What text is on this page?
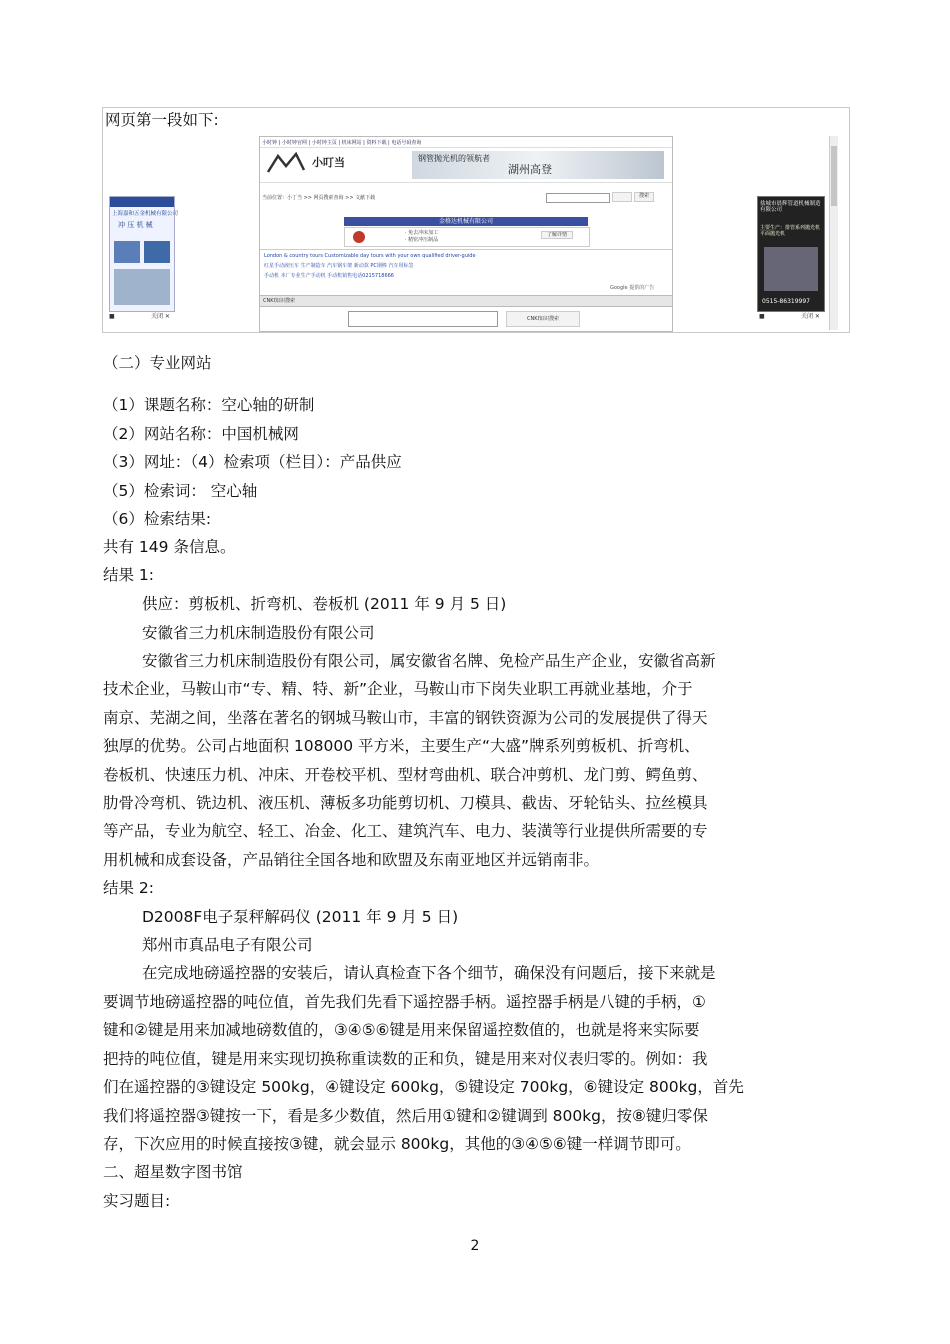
网页第一段如下:
小时钟 | 小时钟官网 | 小时钟主页 | 机床网站 | 资料下载 | 电话号码查询
小叮当	钢管抛光机的领航者
湖州高登
当前位置：小丁当 >> 网页搜索查询 >> 文献下载	搜索
金格达机械有限公司
· 免去冲床加工
· 精密冲压制品
了解详情
London & country tours Customizable day tours with your own qualified driver-guide
红星手动液压车 生产制造车 汽车钢车架 新动款 PC钢棒 汽车用标签
手动机 本厂专业生产手动机 手动机销售电话0215718666
Google 提供的广告
CNKI知识搜索
CNKI知识搜索
上海嘉和五金机械有限公司
冲 压 机 械
■	关闭 ✕
盐城市晨辉管道机械制造有限公司
主要生产：排管系列抛光机 平面抛光机
0515-86319997
■	关闭 ✕
（二）专业网站
（1）课题名称：空心轴的研制
（2）网站名称：中国机械网
（3）网址：（4）检索项（栏目）：产品供应
（5）检索词： 空心轴
（6）检索结果:
共有 149 条信息。
结果 1:
供应：剪板机、折弯机、卷板机 (2011 年 9 月 5 日)
安徽省三力机床制造股份有限公司
安徽省三力机床制造股份有限公司，属安徽省名牌、免检产品生产企业，安徽省高新
技术企业，马鞍山市“专、精、特、新”企业，马鞍山市下岗失业职工再就业基地，介于
南京、芜湖之间，坐落在著名的钢城马鞍山市，丰富的钢铁资源为公司的发展提供了得天
独厚的优势。公司占地面积 108000 平方米，主要生产“大盛”牌系列剪板机、折弯机、
卷板机、快速压力机、冲床、开卷校平机、型材弯曲机、联合冲剪机、龙门剪、鳄鱼剪、
肋骨冷弯机、铣边机、液压机、薄板多功能剪切机、刀模具、截齿、牙轮钻头、拉丝模具
等产品，专业为航空、轻工、冶金、化工、建筑汽车、电力、装潢等行业提供所需要的专
用机械和成套设备，产品销往全国各地和欧盟及东南亚地区并远销南非。
结果 2:
D2008F电子泵秤解码仪 (2011 年 9 月 5 日)
郑州市真品电子有限公司
在完成地磅遥控器的安装后，请认真检查下各个细节，确保没有问题后，接下来就是
要调节地磅遥控器的吨位值，首先我们先看下遥控器手柄。遥控器手柄是八键的手柄，①
键和②键是用来加减地磅数值的，③④⑤⑥键是用来保留遥控数值的，也就是将来实际要
把持的吨位值，键是用来实现切换称重读数的正和负，键是用来对仪表归零的。例如：我
们在遥控器的③键设定 500kg，④键设定 600kg，⑤键设定 700kg，⑥键设定 800kg，首先
我们将遥控器③键按一下，看是多少数值，然后用①键和②键调到 800kg，按⑧键归零保
存，下次应用的时候直接按③键，就会显示 800kg，其他的③④⑤⑥键一样调节即可。
二、超星数字图书馆
实习题目:
2
